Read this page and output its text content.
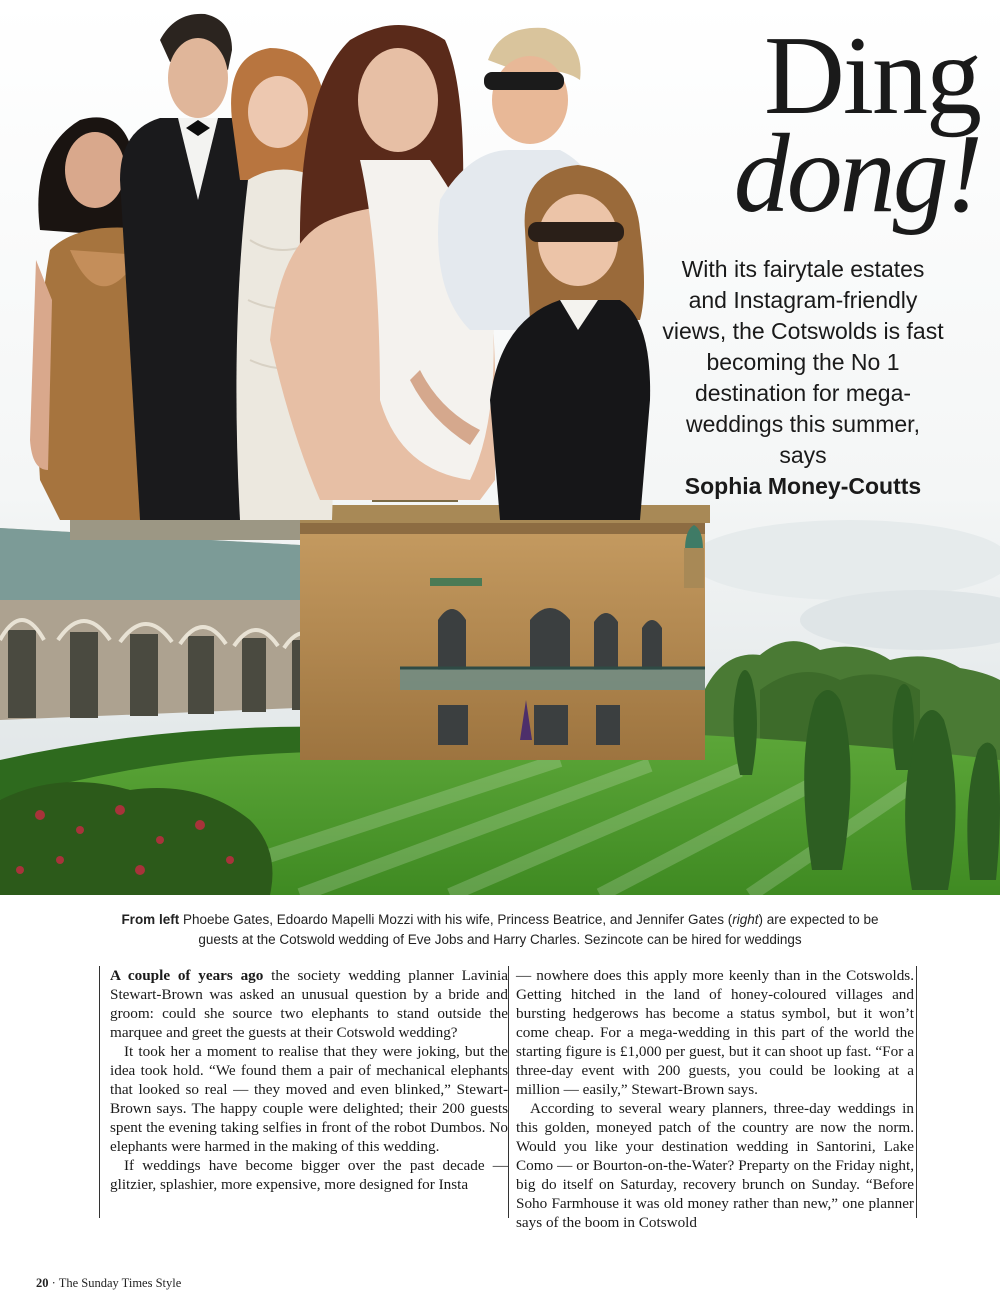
Ding
dong!
With its fairytale estates and Instagram-friendly views, the Cotswolds is fast becoming the No 1 destination for mega-weddings this summer, says
Sophia Money-Coutts
From left Phoebe Gates, Edoardo Mapelli Mozzi with his wife, Princess Beatrice, and Jennifer Gates (right) are expected to be guests at the Cotswold wedding of Eve Jobs and Harry Charles. Sezincote can be hired for weddings

A couple of years ago the society wedding planner Lavinia Stewart-Brown was asked an unusual question by a bride and groom: could she source two elephants to stand outside the marquee and greet the guests at their Cotswold wedding?

It took her a moment to realise that they were joking, but the idea took hold. “We found them a pair of mechanical elephants that looked so real — they moved and even blinked,” Stewart-Brown says. The happy couple were delighted; their 200 guests spent the evening taking selfies in front of the robot Dumbos. No elephants were harmed in the making of this wedding.

If weddings have become bigger over the past decade — glitzier, splashier, more expensive, more designed for Insta

— nowhere does this apply more keenly than in the Cotswolds. Getting hitched in the land of honey-coloured villages and bursting hedgerows has become a status symbol, but it won’t come cheap. For a mega-wedding in this part of the world the starting figure is £1,000 per guest, but it can shoot up fast. “For a three-day event with 200 guests, you could be looking at a million — easily,” Stewart-Brown says.

According to several weary planners, three-day weddings in this golden, moneyed patch of the country are now the norm. Would you like your destination wedding in Santorini, Lake Como — or Bourton-on-the-Water? Preparty on the Friday night, big do itself on Saturday, recovery brunch on Sunday. “Before Soho Farmhouse it was old money rather than new,” one planner says of the boom in Cotswold

20 · The Sunday Times Style
